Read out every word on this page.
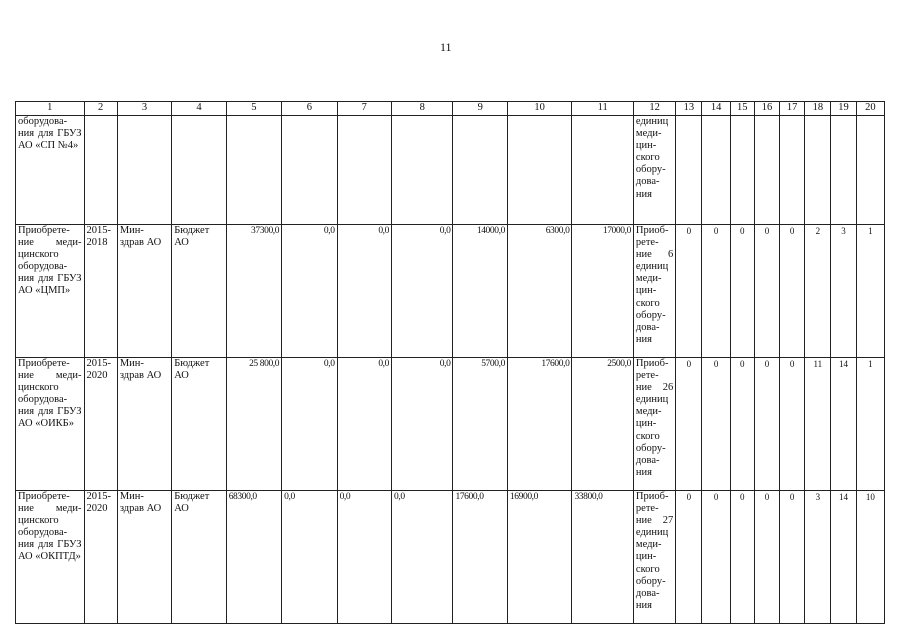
11
1	2	3	4	5	6	7	8	9	10	11	12	13	14	15	16	17	18	19	20
оборудова- ния для ГБУЗ АО «СП №4»											единиц меди- цин- ского обору- дова- ния								
Приобрете- ние меди- цинского оборудова- ния для ГБУЗ АО «ЦМП»	2015- 2018	Мин- здрав АО	Бюджет АО	37300,0	0,0	0,0	0,0	14000,0	6300,0	17000,0	Приоб- рете- ние 6 единиц меди- цин- ского обору- дова- ния	0	0	0	0	0	2	3	1
Приобрете- ние меди- цинского оборудова- ния для ГБУЗ АО «ОИКБ»	2015- 2020	Мин- здрав АО	Бюджет АО	25 800,0	0,0	0,0	0,0	5700,0	17600,0	2500,0	Приоб- рете- ние 26 единиц меди- цин- ского обору- дова- ния	0	0	0	0	0	11	14	1
Приобрете- ние меди- цинского оборудова- ния для ГБУЗ АО «ОКПТД»	2015- 2020	Мин- здрав АО	Бюджет АО	68300,0	0,0	0,0	0,0	17600,0	16900,0	33800,0	Приоб- рете- ние 27 единиц меди- цин- ского обору- дова- ния	0	0	0	0	0	3	14	10
